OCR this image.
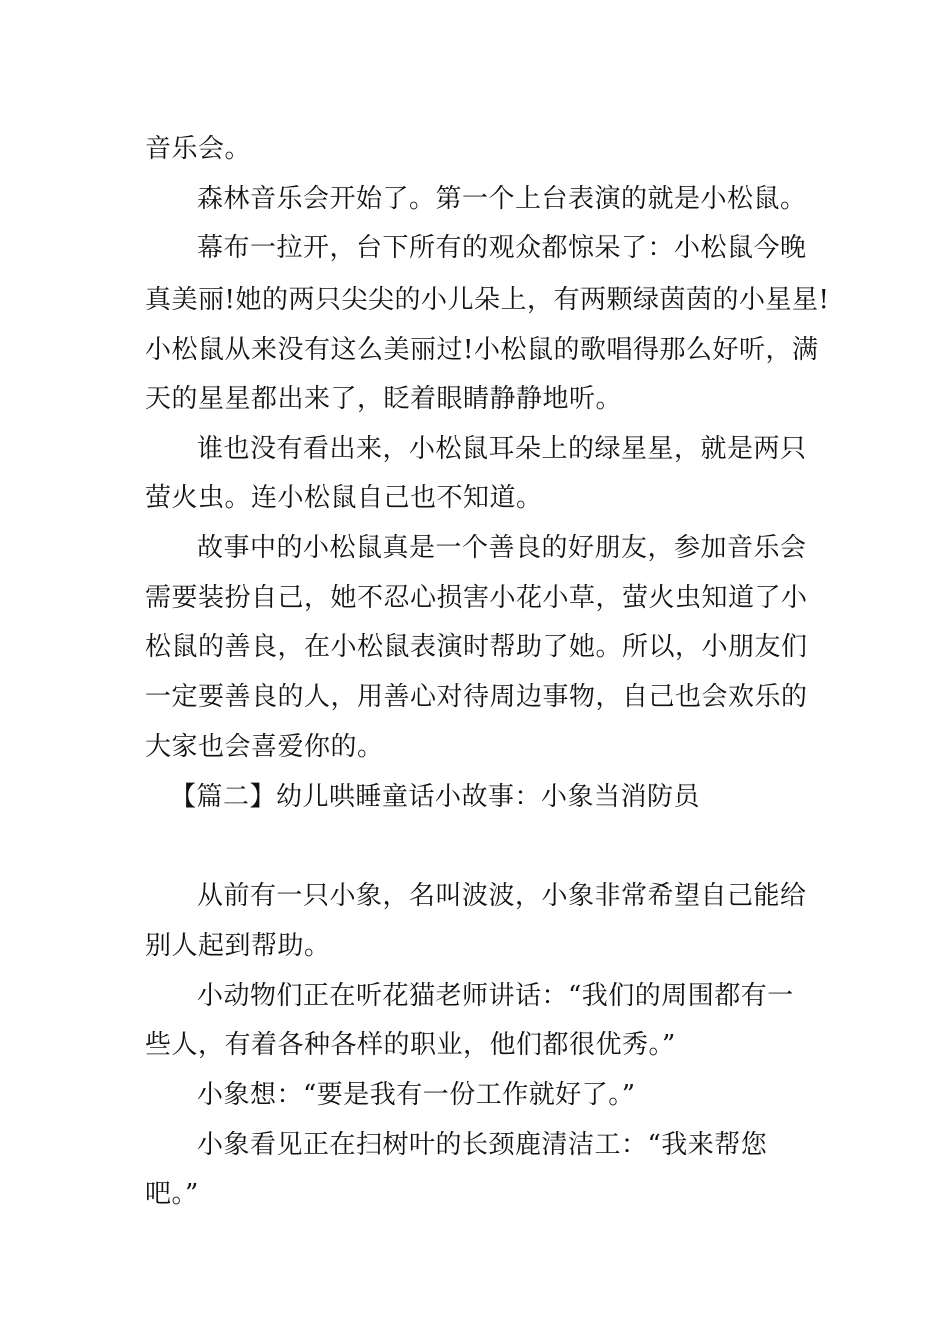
音乐会。
森林音乐会开始了。第一个上台表演的就是小松鼠。
幕布一拉开，台下所有的观众都惊呆了：小松鼠今晚
真美丽!她的两只尖尖的小儿朵上，有两颗绿茵茵的小星星!
小松鼠从来没有这么美丽过!小松鼠的歌唱得那么好听，满
天的星星都出来了，眨着眼睛静静地听。
谁也没有看出来，小松鼠耳朵上的绿星星，就是两只
萤火虫。连小松鼠自己也不知道。
故事中的小松鼠真是一个善良的好朋友，参加音乐会
需要装扮自己，她不忍心损害小花小草，萤火虫知道了小
松鼠的善良，在小松鼠表演时帮助了她。所以，小朋友们
一定要善良的人，用善心对待周边事物，自己也会欢乐的
大家也会喜爱你的。
【篇二】幼儿哄睡童话小故事：小象当消防员
从前有一只小象，名叫波波，小象非常希望自己能给
别人起到帮助。
小动物们正在听花猫老师讲话：“我们的周围都有一
些人，有着各种各样的职业，他们都很优秀。”
小象想：“要是我有一份工作就好了。”
小象看见正在扫树叶的长颈鹿清洁工：“我来帮您
吧。”
